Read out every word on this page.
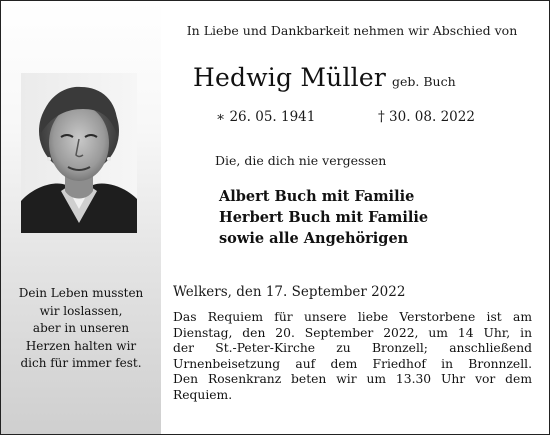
Dein Leben mussten
wir loslassen,
aber in unseren
Herzen halten wir
dich für immer fest.
In Liebe und Dankbarkeit nehmen wir Abschied von
Hedwig Müller geb. Buch
∗ 26. 05. 1941	† 30. 08. 2022
Die, die dich nie vergessen
Albert Buch mit Familie
Herbert Buch mit Familie
sowie alle Angehörigen
Welkers, den 17. September 2022
Das Requiem für unsere liebe Verstorbene ist am
Dienstag, den 20. September 2022, um 14 Uhr, in
der St.-Peter-Kirche zu Bronzell; anschließend
Urnenbeisetzung auf dem Friedhof in Bronnzell.
Den Rosenkranz beten wir um 13.30 Uhr vor dem
Requiem.
